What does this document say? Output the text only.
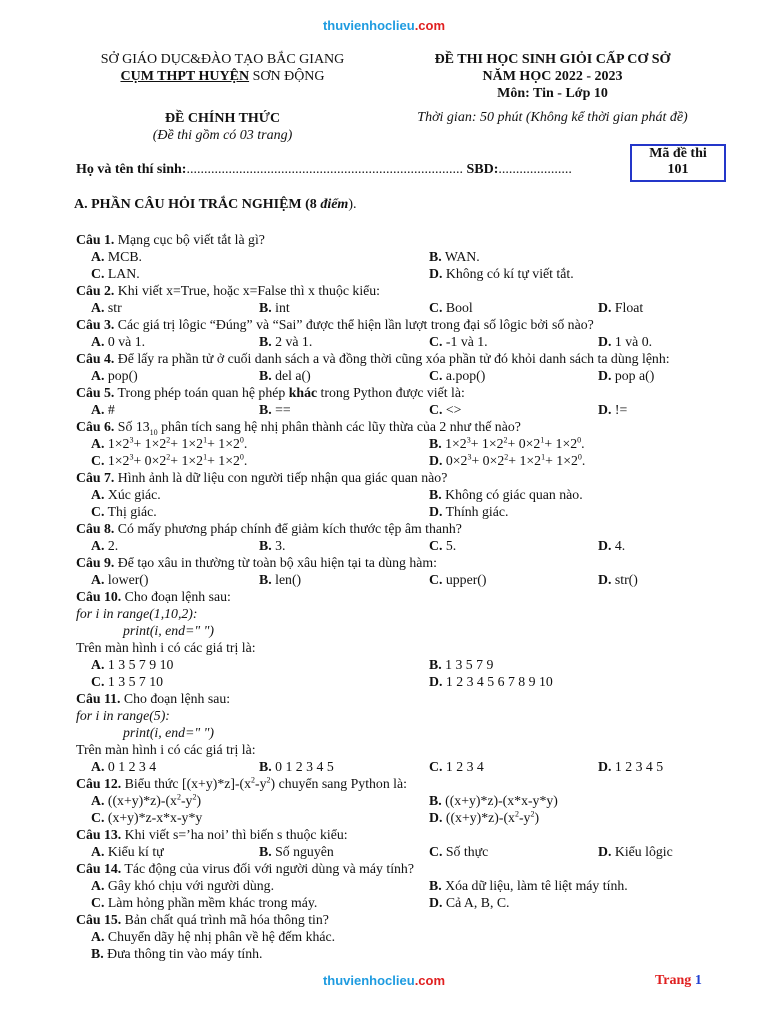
thuvienhoclieu.com
SỞ GIÁO DỤC&ĐÀO TẠO BẮC GIANG
CỤM THPT HUYỆN SƠN ĐỘNG
ĐỀ THI HỌC SINH GIỎI CẤP CƠ SỞ
NĂM HỌC 2022 - 2023
Môn: Tin - Lớp 10
ĐỀ CHÍNH THỨC
(Đề thi gồm có 03 trang)
Thời gian: 50 phút (Không kể thời gian phát đề)
Họ và tên thí sinh:............................................................................... SBD:.....................
Mã đề thi
101
A. PHẦN CÂU HỎI TRẮC NGHIỆM (8 điểm).
Câu 1. Mạng cục bộ viết tắt là gì?
A. MCB.	B. WAN.
C. LAN.	D. Không có kí tự viết tắt.
Câu 2. Khi viết x=True, hoặc x=False thì x thuộc kiểu:
A. str	B. int	C. Bool	D. Float
Câu 3. Các giá trị lôgic “Đúng” và “Sai” được thể hiện lần lượt trong đại số lôgic bởi số nào?
A. 0 và 1.	B. 2 và 1.	C. -1 và 1.	D. 1 và 0.
Câu 4. Để lấy ra phần tử ở cuối danh sách a và đồng thời cũng xóa phần tử đó khỏi danh sách ta dùng lệnh:
A. pop()	B. del a()	C. a.pop()	D. pop a()
Câu 5. Trong phép toán quan hệ phép khác trong Python được viết là:
A. #	B. ==	C. <>	D. !=
Câu 6. Số $13_{10}$ phân tích sang hệ nhị phân thành các lũy thừa của 2 như thế nào?
A. $1\times 2^3+ 1\times 2^2+ 1\times 2^1+ 1\times 2^0$.	B. $1\times 2^3+ 1\times 2^2+ 0\times 2^1+ 1\times 2^0$.
C. $1\times 2^3+ 0\times 2^2+ 1\times 2^1+ 1\times 2^0$.	D. $0\times 2^3+ 0\times 2^2+ 1\times 2^1+ 1\times 2^0$.
Câu 7. Hình ảnh là dữ liệu con người tiếp nhận qua giác quan nào?
A. Xúc giác.	B. Không có giác quan nào.
C. Thị giác.	D. Thính giác.
Câu 8. Có mấy phương pháp chính để giảm kích thước tệp âm thanh?
A. 2.	B. 3.	C. 5.	D. 4.
Câu 9. Để tạo xâu in thường từ toàn bộ xâu hiện tại ta dùng hàm:
A. lower()	B. len()	C. upper()	D. str()
Câu 10. Cho đoạn lệnh sau:
for i in range(1,10,2):
print(i, end=" ")
Trên màn hình i có các giá trị là:
A. 1 3 5 7 9 10	B. 1 3 5 7 9
C. 1 3 5 7 10	D. 1 2 3 4 5 6 7 8 9 10
Câu 11. Cho đoạn lệnh sau:
for i in range(5):
print(i, end=" ")
Trên màn hình i có các giá trị là:
A. 0 1 2 3 4	B. 0 1 2 3 4 5	C. 1 2 3 4	D. 1 2 3 4 5
Câu 12. Biểu thức $[(x+y)*z]-(x^2-y^2)$ chuyển sang Python là:
A. $((x+y)*z)-(x^2-y^2)$	B. ((x+y)*z)-(x*x-y*y)
C. (x+y)*z-x*x-y*y	D. $((x+y)*z)-(x^2-y^2)$
Câu 13. Khi viết s=’ha noi’ thì biến s thuộc kiểu:
A. Kiểu kí tự	B. Số nguyên	C. Số thực	D. Kiểu lôgic
Câu 14. Tác động của virus đối với người dùng và máy tính?
A. Gây khó chịu với người dùng.	B. Xóa dữ liệu, làm tê liệt máy tính.
C. Làm hỏng phần mềm khác trong máy.	D. Cả A, B, C.
Câu 15. Bản chất quá trình mã hóa thông tin?
A. Chuyển dãy hệ nhị phân về hệ đếm khác.
B. Đưa thông tin vào máy tính.
thuvienhoclieu.com	Trang 1
